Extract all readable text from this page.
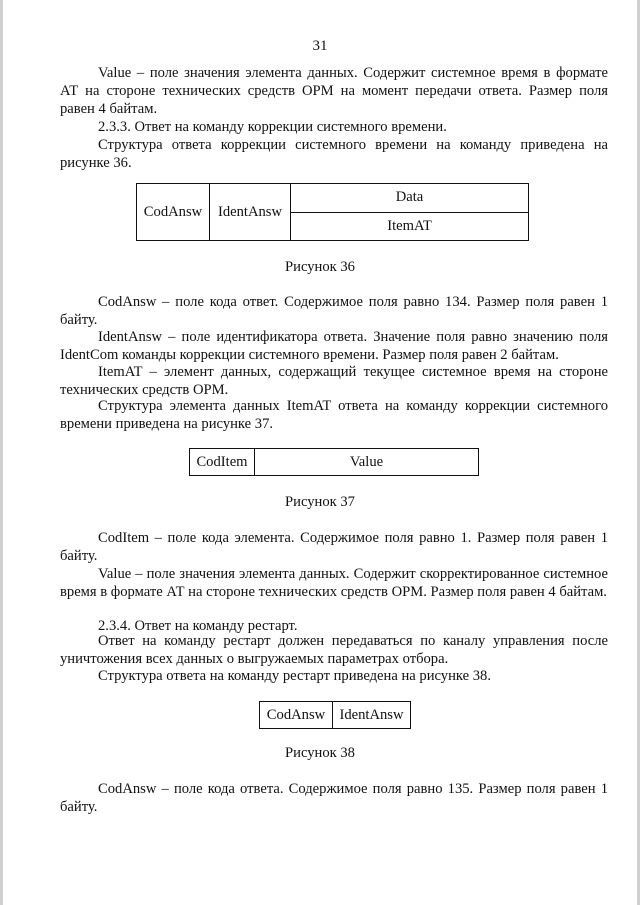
31

Value – поле значения элемента данных. Содержит системное время в формате АТ на стороне технических средств ОРМ на момент передачи ответа. Размер поля равен 4 байтам.

2.3.3. Ответ на команду коррекции системного времени.

Структура ответа коррекции системного времени на команду приведена на рисунке 36.

CodAnsw	IdentAnsw	Data
ItemAT
Рисунок 36

CodAnsw – поле кода ответ. Содержимое поля равно 134. Размер поля равен 1 байту.

IdentAnsw – поле идентификатора ответа. Значение поля равно значению поля IdentCom команды коррекции системного времени. Размер поля равен 2 байтам.

ItemAT – элемент данных, содержащий текущее системное время на стороне технических средств ОРМ.

Структура элемента данных ItemAT ответа на команду коррекции системного времени приведена на рисунке 37.

CodItem	Value
Рисунок 37

CodItem – поле кода элемента. Содержимое поля равно 1. Размер поля равен 1 байту.

Value – поле значения элемента данных. Содержит скорректированное системное время в формате АТ на стороне технических средств ОРМ. Размер поля равен 4 байтам.

2.3.4. Ответ на команду рестарт.

Ответ на команду рестарт должен передаваться по каналу управления после уничтожения всех данных о выгружаемых параметрах отбора.

Структура ответа на команду рестарт приведена на рисунке 38.

CodAnsw	IdentAnsw
Рисунок 38

CodAnsw – поле кода ответа. Содержимое поля равно 135. Размер поля равен 1 байту.
